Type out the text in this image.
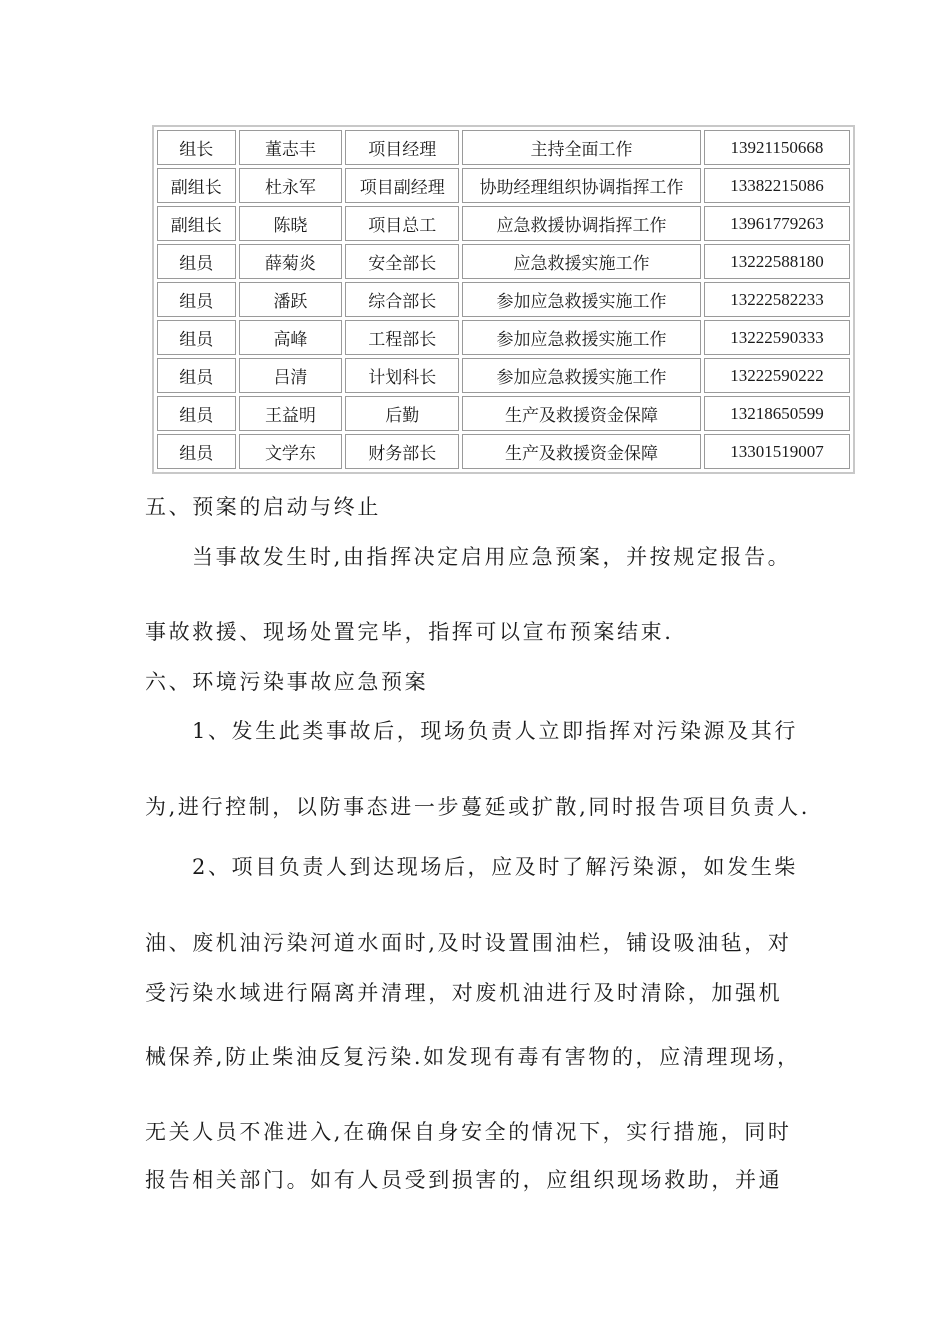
组长	董志丰	项目经理	主持全面工作	13921150668
副组长	杜永军	项目副经理	协助经理组织协调指挥工作	13382215086
副组长	陈晓	项目总工	应急救援协调指挥工作	13961779263
组员	薛菊炎	安全部长	应急救援实施工作	13222588180
组员	潘跃	综合部长	参加应急救援实施工作	13222582233
组员	高峰	工程部长	参加应急救援实施工作	13222590333
组员	吕清	计划科长	参加应急救援实施工作	13222590222
组员	王益明	后勤	生产及救援资金保障	13218650599
组员	文学东	财务部长	生产及救援资金保障	13301519007

五、预案的启动与终止

当事故发生时,由指挥决定启用应急预案，并按规定报告。

事故救援、现场处置完毕，指挥可以宣布预案结束.

六、环境污染事故应急预案

1、发生此类事故后，现场负责人立即指挥对污染源及其行

为,进行控制，以防事态进一步蔓延或扩散,同时报告项目负责人.

2、项目负责人到达现场后，应及时了解污染源，如发生柴

油、废机油污染河道水面时,及时设置围油栏，铺设吸油毡，对

受污染水域进行隔离并清理，对废机油进行及时清除，加强机

械保养,防止柴油反复污染.如发现有毒有害物的，应清理现场，

无关人员不准进入,在确保自身安全的情况下，实行措施，同时

报告相关部门。如有人员受到损害的，应组织现场救助，并通
